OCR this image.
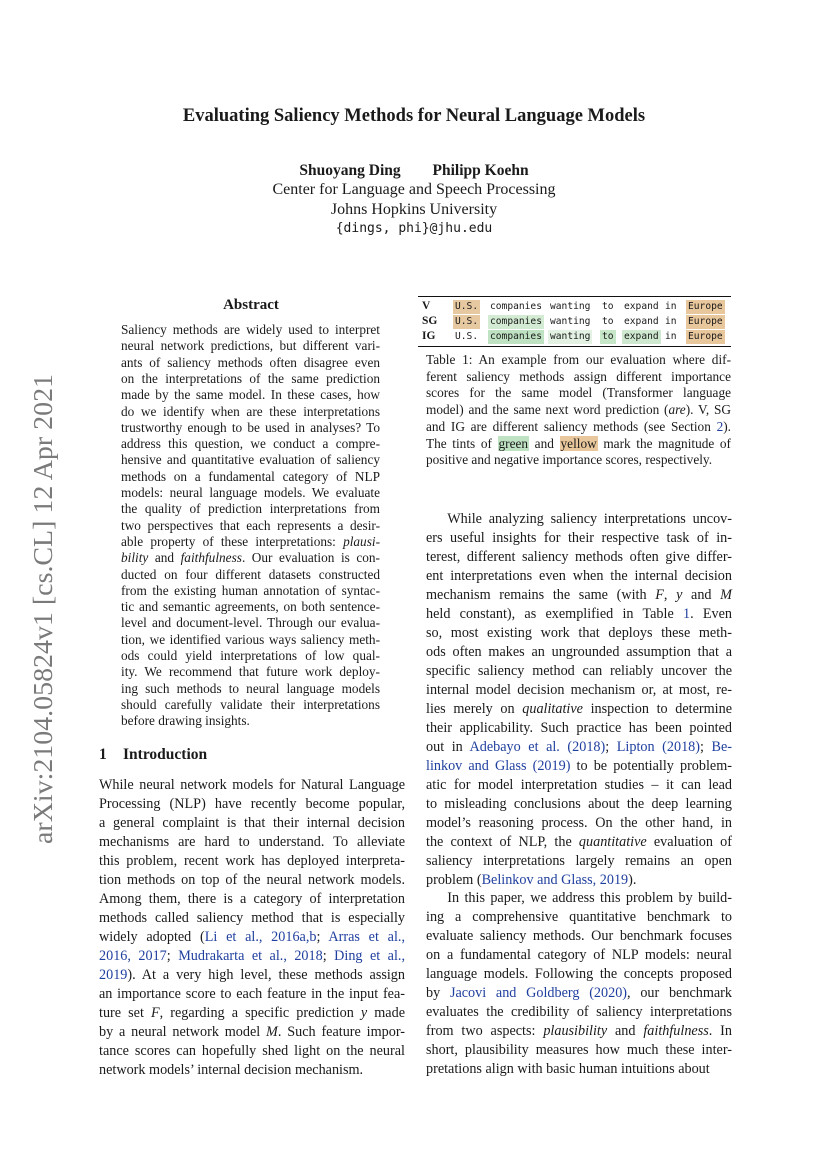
arXiv:2104.05824v1 [cs.CL] 12 Apr 2021
Evaluating Saliency Methods for Neural Language Models
Shuoyang Ding Philipp Koehn
Center for Language and Speech Processing
Johns Hopkins University
{dings, phi}@jhu.edu
Abstract
Saliency methods are widely used to interpret
neural network predictions, but different vari-
ants of saliency methods often disagree even
on the interpretations of the same prediction
made by the same model. In these cases, how
do we identify when are these interpretations
trustworthy enough to be used in analyses? To
address this question, we conduct a compre-
hensive and quantitative evaluation of saliency
methods on a fundamental category of NLP
models: neural language models. We evaluate
the quality of prediction interpretations from
two perspectives that each represents a desir-
able property of these interpretations: plausi-
bility and faithfulness. Our evaluation is con-
ducted on four different datasets constructed
from the existing human annotation of syntac-
tic and semantic agreements, on both sentence-
level and document-level. Through our evalua-
tion, we identified various ways saliency meth-
ods could yield interpretations of low qual-
ity. We recommend that future work deploy-
ing such methods to neural language models
should carefully validate their interpretations
before drawing insights.
1 Introduction
While neural network models for Natural Language
Processing (NLP) have recently become popular,
a general complaint is that their internal decision
mechanisms are hard to understand. To alleviate
this problem, recent work has deployed interpreta-
tion methods on top of the neural network models.
Among them, there is a category of interpretation
methods called saliency method that is especially
widely adopted (Li et al., 2016a,b; Arras et al.,
2016, 2017; Mudrakarta et al., 2018; Ding et al.,
2019). At a very high level, these methods assign
an importance score to each feature in the input fea-
ture set F, regarding a specific prediction y made
by a neural network model M. Such feature impor-
tance scores can hopefully shed light on the neural
network models’ internal decision mechanism.
V	U.S. companies wanting to expand in Europe
SG U.S. companies wanting to expand in Europe
IG U.S. companies wanting to expand in Europe
Table 1: An example from our evaluation where dif-
ferent saliency methods assign different importance
scores for the same model (Transformer language
model) and the same next word prediction (are). V, SG
and IG are different saliency methods (see Section 2).
The tints of green and yellow mark the magnitude of
positive and negative importance scores, respectively.
  While analyzing saliency interpretations uncov-
ers useful insights for their respective task of in-
terest, different saliency methods often give differ-
ent interpretations even when the internal decision
mechanism remains the same (with F, y and M
held constant), as exemplified in Table 1. Even
so, most existing work that deploys these meth-
ods often makes an ungrounded assumption that a
specific saliency method can reliably uncover the
internal model decision mechanism or, at most, re-
lies merely on qualitative inspection to determine
their applicability. Such practice has been pointed
out in Adebayo et al. (2018); Lipton (2018); Be-
linkov and Glass (2019) to be potentially problem-
atic for model interpretation studies – it can lead
to misleading conclusions about the deep learning
model’s reasoning process. On the other hand, in
the context of NLP, the quantitative evaluation of
saliency interpretations largely remains an open
problem (Belinkov and Glass, 2019).
  In this paper, we address this problem by build-
ing a comprehensive quantitative benchmark to
evaluate saliency methods. Our benchmark focuses
on a fundamental category of NLP models: neural
language models. Following the concepts proposed
by Jacovi and Goldberg (2020), our benchmark
evaluates the credibility of saliency interpretations
from two aspects: plausibility and faithfulness. In
short, plausibility measures how much these inter-
pretations align with basic human intuitions about
